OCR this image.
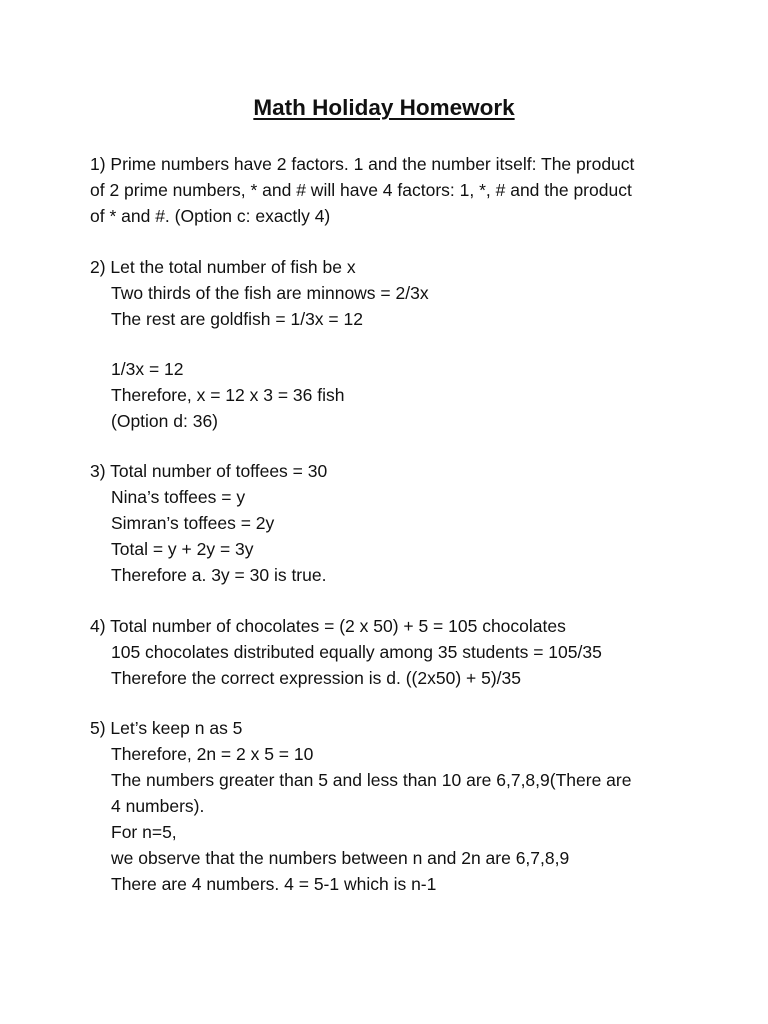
Math Holiday Homework
1) Prime numbers have 2 factors. 1 and the number itself: The product
of 2 prime numbers, * and # will have 4 factors: 1, *, # and the product
of * and #. (Option c: exactly 4)
2) Let the total number of fish be x
Two thirds of the fish are minnows = 2/3x
The rest are goldfish = 1/3x = 12
1/3x = 12
Therefore, x = 12 x 3 = 36 fish
(Option d: 36)
3) Total number of toffees = 30
Nina’s toffees = y
Simran’s toffees = 2y
Total = y + 2y = 3y
Therefore a. 3y = 30 is true.
4) Total number of chocolates = (2 x 50) + 5 = 105 chocolates
105 chocolates distributed equally among 35 students = 105/35
Therefore the correct expression is d. ((2x50) + 5)/35
5) Let’s keep n as 5
Therefore, 2n = 2 x 5 = 10
The numbers greater than 5 and less than 10 are 6,7,8,9(There are
4 numbers).
For n=5,
we observe that the numbers between n and 2n are 6,7,8,9
There are 4 numbers. 4 = 5-1 which is n-1
